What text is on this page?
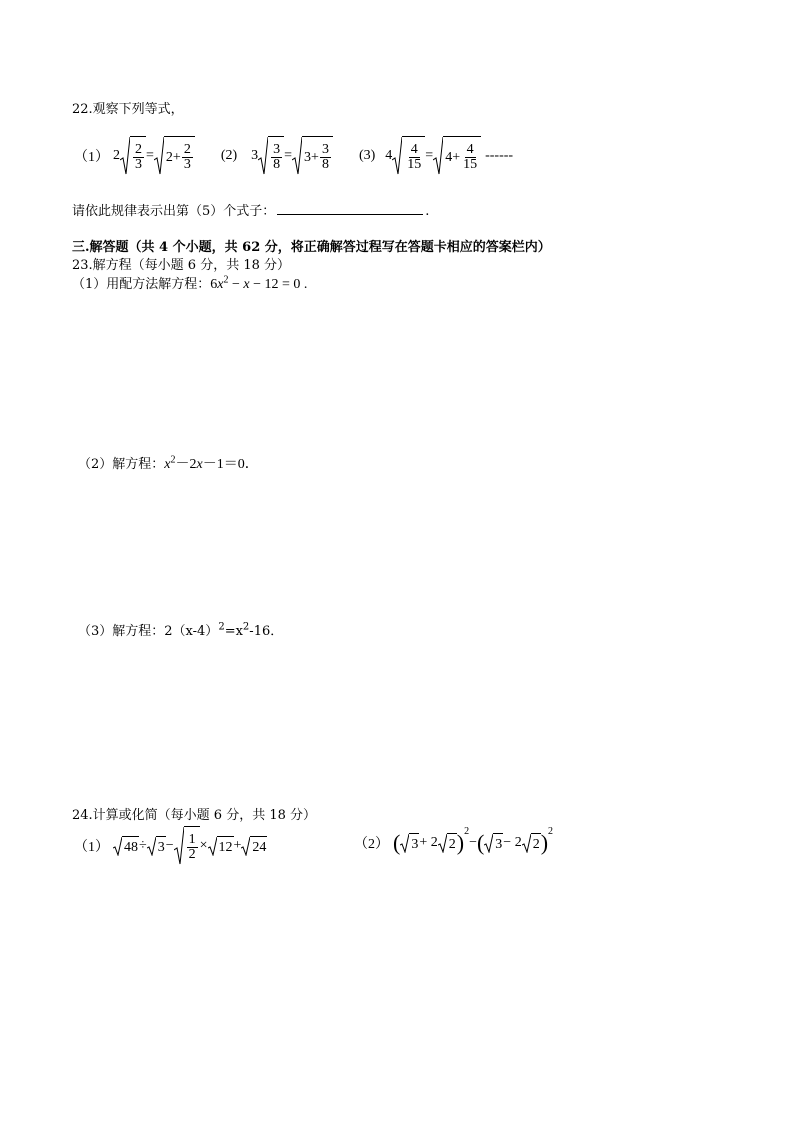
22.观察下列等式，
（1） $2 \frac{2}{3} = 2+ \frac{2}{3} (2)$ $3 \frac{3}{8} = 3+ \frac{3}{8} (3)$ $4 \frac{4}{15} = 4+ \frac{4}{15}$ ------
请依此规律表示出第（5）个式子：	.
三.解答题（共 4 个小题，共 62 分，将正确解答过程写在答题卡相应的答案栏内）
23.解方程（每小题 6 分，共 18 分）
（1）用配方法解方程：$6x^2 - x - 12 = 0$ .
（2）解方程：$x^2-2x-1=0$．
（3）解方程：$2(x-4)^2=x^2-16$．
24.计算或化简（每小题 6 分，共 18 分）
（1） $48 \div 3 - \frac{1}{2} \times 12 + 24$	（2） ( 3 + 2 2 ) 2
− ( 3 − 2 2 ) 2
